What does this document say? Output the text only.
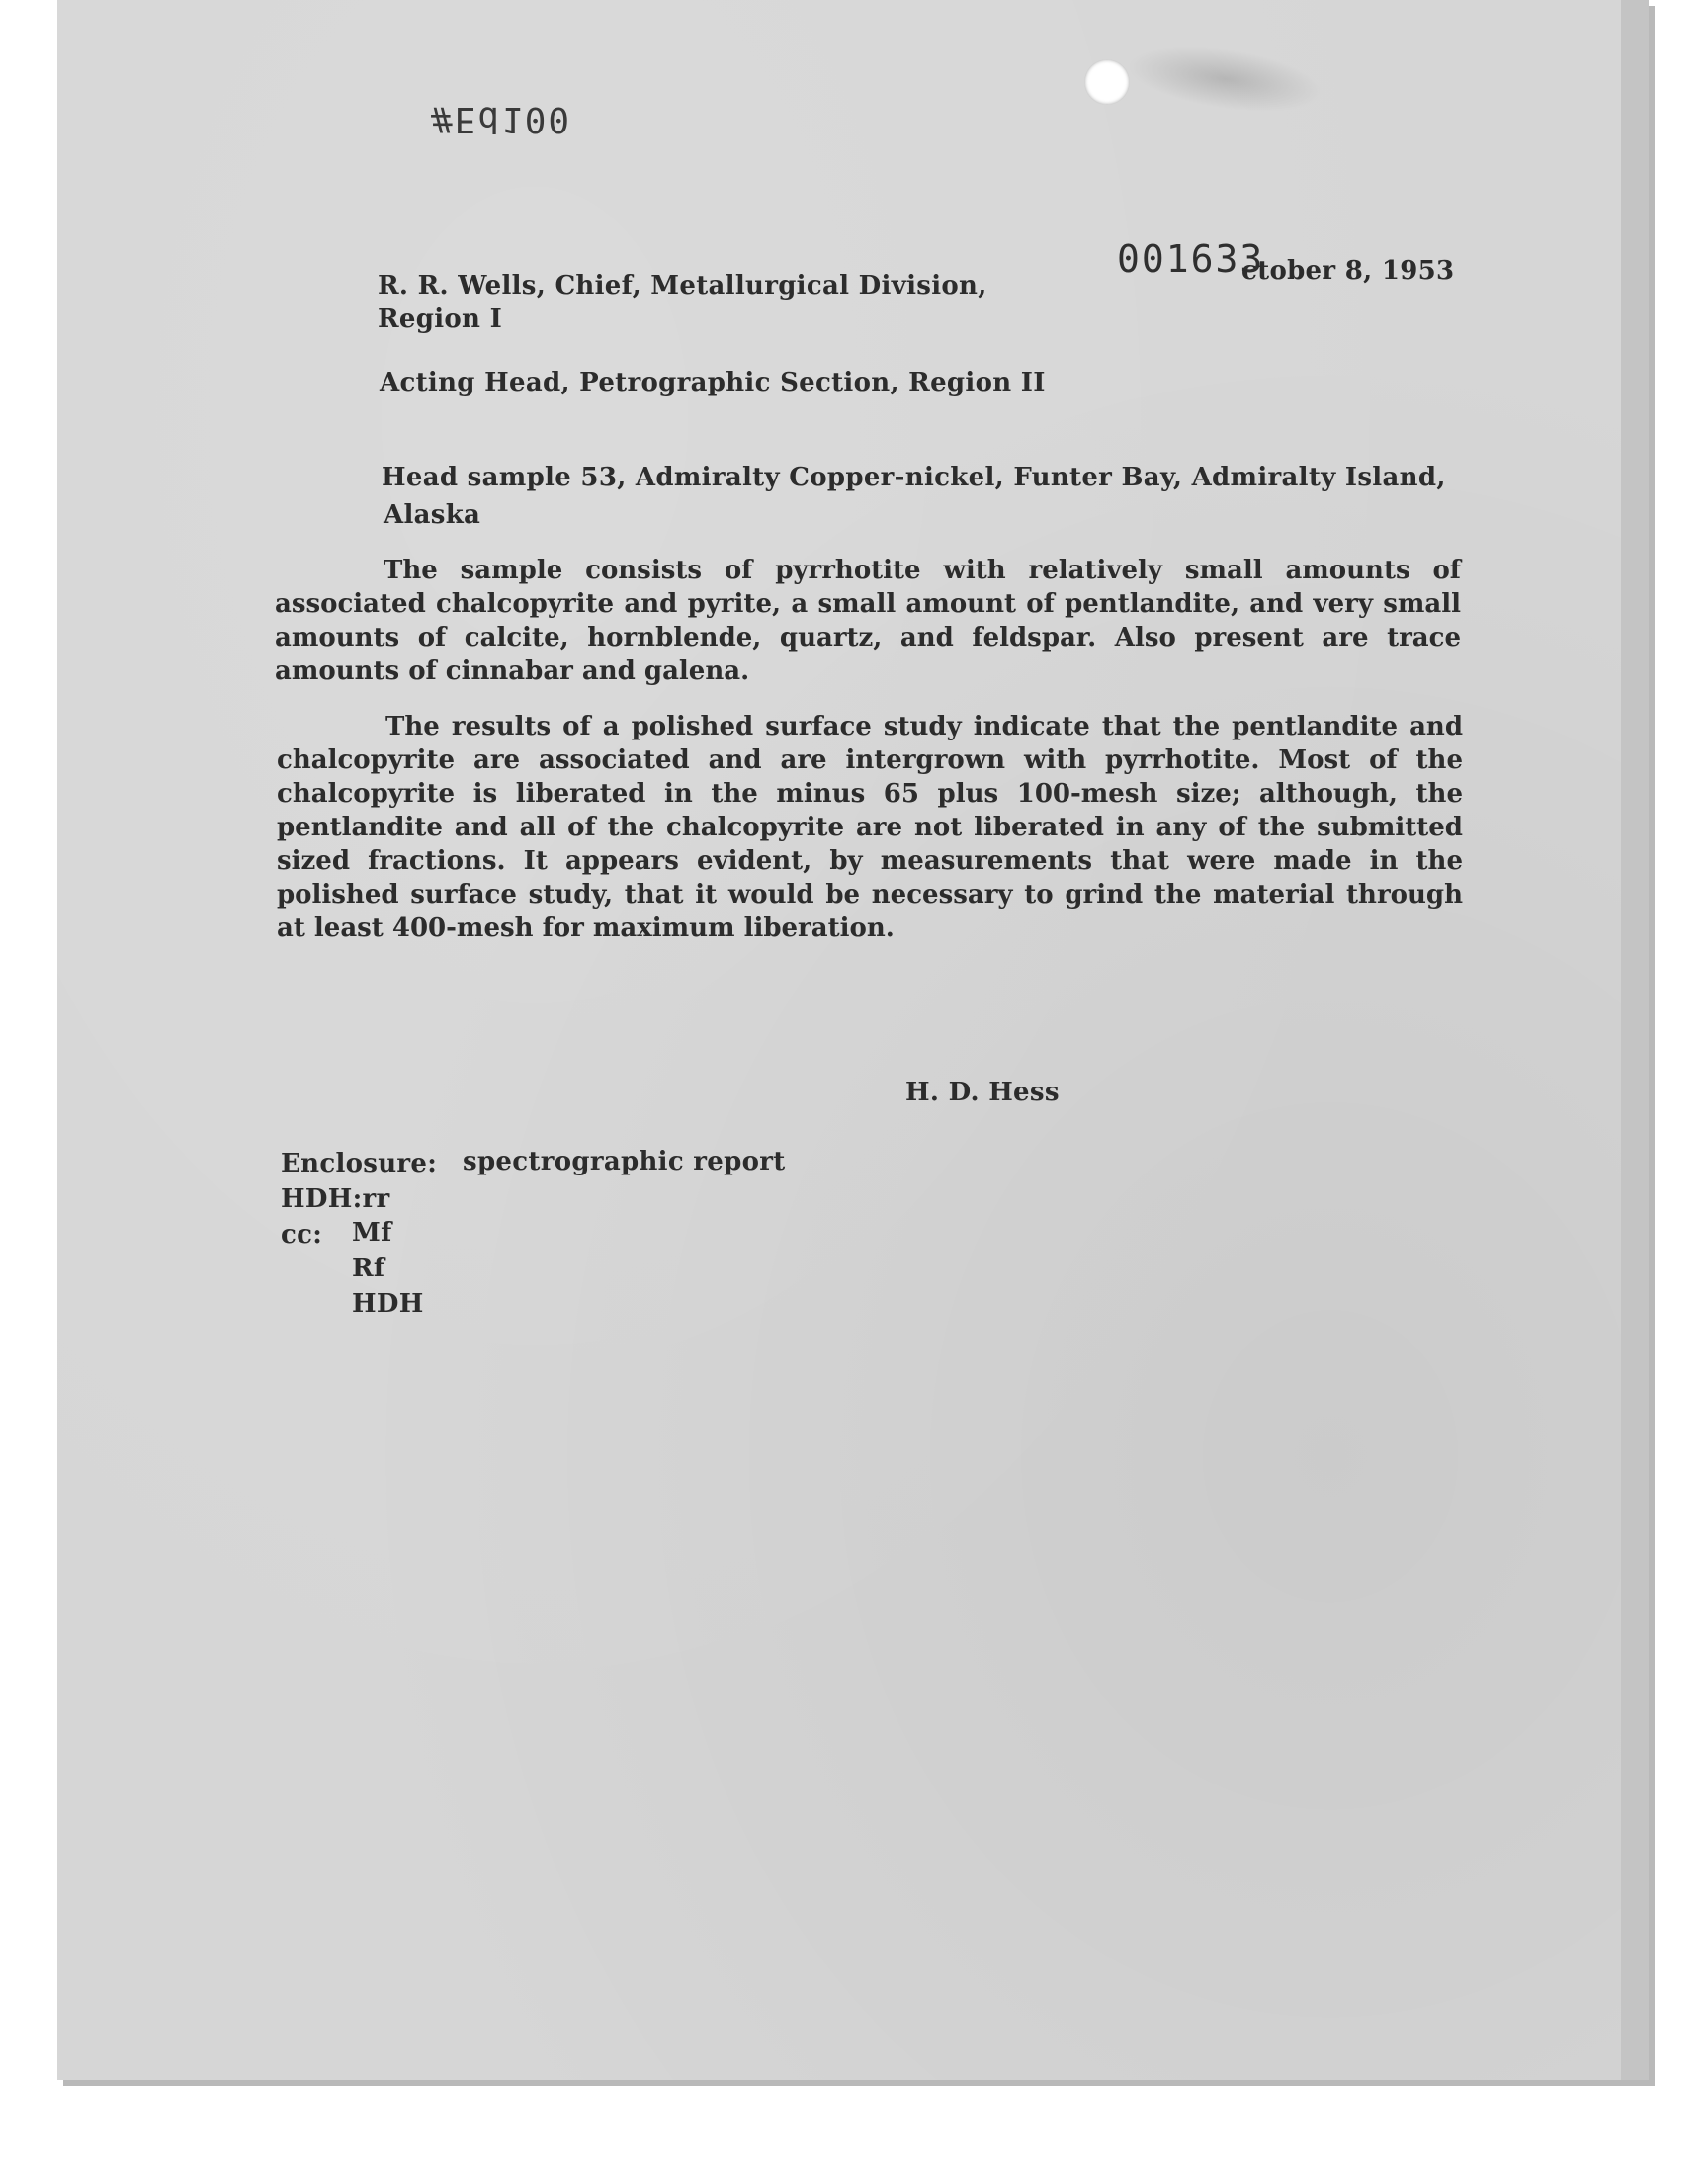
#Ed100
001633
ctober 8, 1953
R. R. Wells, Chief, Metallurgical Division,
Region I
Acting Head, Petrographic Section, Region II
Head sample 53, Admiralty Copper-nickel, Funter Bay, Admiralty Island,
Alaska
The sample consists of pyrrhotite with relatively small amounts of associated chalcopyrite and pyrite, a small amount of pentlandite, and very small amounts of calcite, hornblende, quartz, and feldspar. Also present are trace amounts of cinnabar and galena.
The results of a polished surface study indicate that the pentlandite and chalcopyrite are associated and are intergrown with pyrrhotite. Most of the chalcopyrite is liberated in the minus 65 plus 100-mesh size; although, the pentlandite and all of the chalcopyrite are not liberated in any of the submitted sized fractions. It appears evident, by measurements that were made in the polished surface study, that it would be necessary to grind the material through at least 400-mesh for maximum liberation.
H. D. Hess
Enclosure: spectrographic report
HDH:rr
cc: Mf
Rf
HDH
